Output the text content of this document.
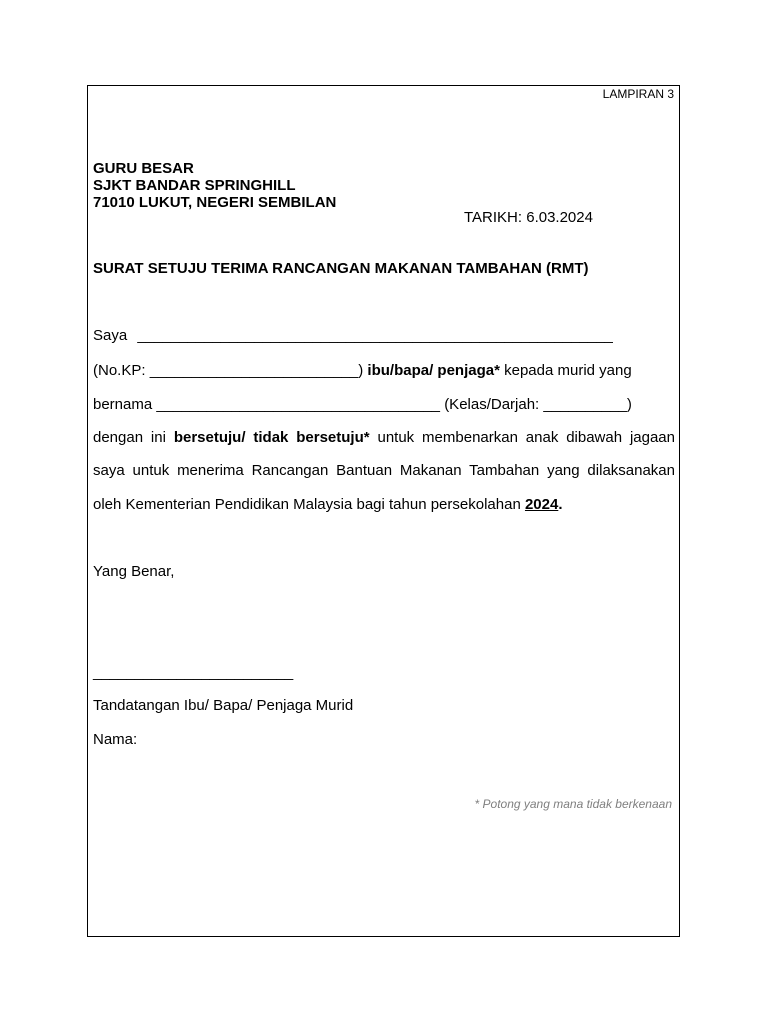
LAMPIRAN 3
GURU BESAR
SJKT BANDAR SPRINGHILL
71010 LUKUT, NEGERI SEMBILAN
TARIKH: 6.03.2024
SURAT SETUJU TERIMA RANCANGAN MAKANAN TAMBAHAN (RMT)
Saya _________________________________________________________
(No.KP: _________________________) ibu/bapa/ penjaga* kepada murid yang
bernama __________________________________ (Kelas/Darjah: __________)
dengan ini bersetuju/ tidak bersetuju* untuk membenarkan anak dibawah jagaan
saya untuk menerima Rancangan Bantuan Makanan Tambahan yang dilaksanakan
oleh Kementerian Pendidikan Malaysia bagi tahun persekolahan 2024.
Yang Benar,
________________________
Tandatangan Ibu/ Bapa/ Penjaga Murid
Nama:
* Potong yang mana tidak berkenaan
